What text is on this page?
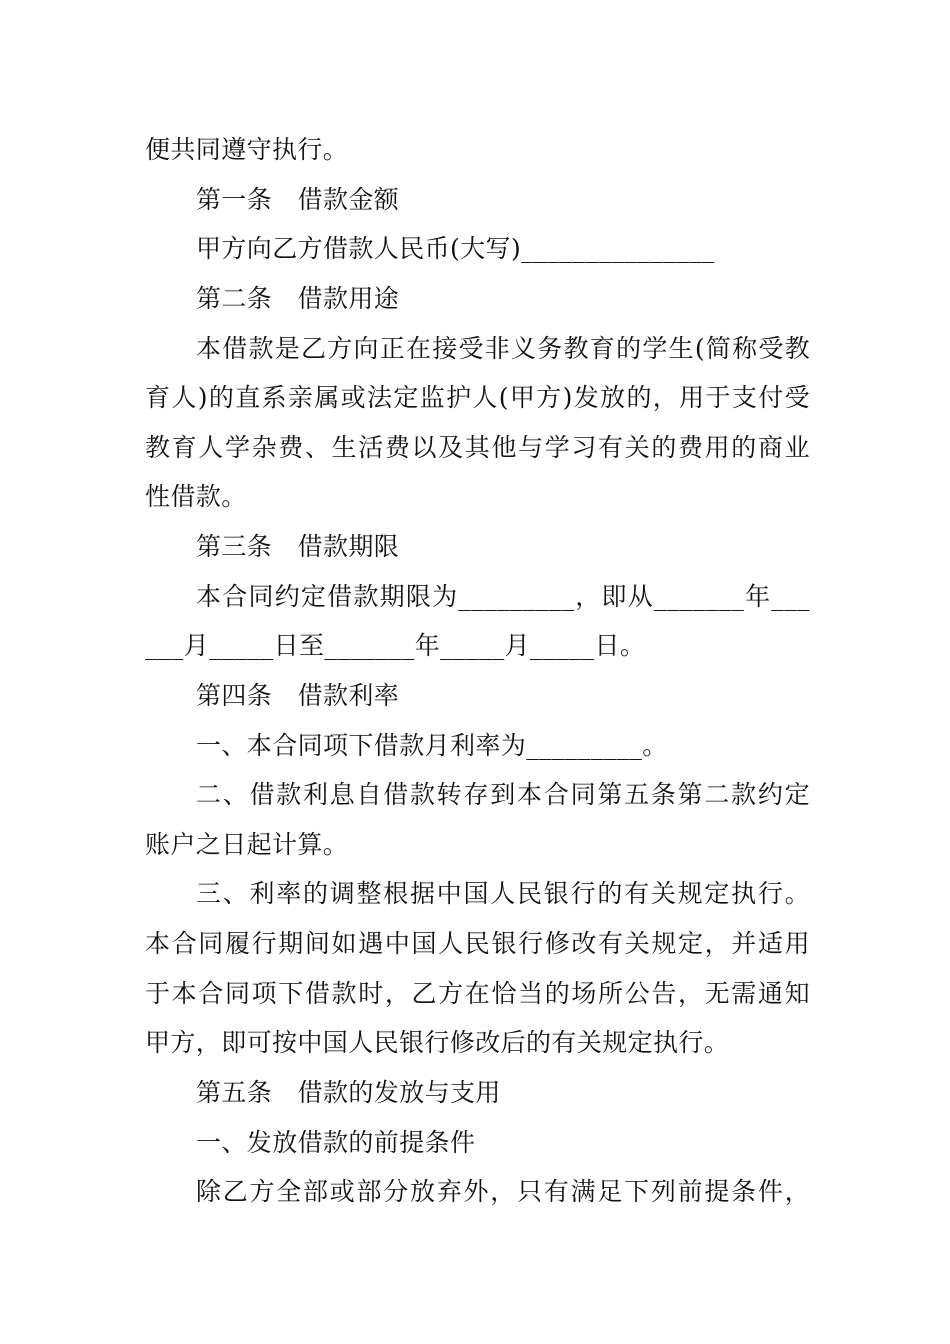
便共同遵守执行。
第一条　借款金额
甲方向乙方借款人民币(大写)_______________
第二条　借款用途
本借款是乙方向正在接受非义务教育的学生(简称受教
育人)的直系亲属或法定监护人(甲方)发放的，用于支付受
教育人学杂费、生活费以及其他与学习有关的费用的商业
性借款。
第三条　借款期限
本合同约定借款期限为_________，即从_______年___
___月_____日至_______年_____月_____日。
第四条　借款利率
一、本合同项下借款月利率为_________。
二、借款利息自借款转存到本合同第五条第二款约定
账户之日起计算。
三、利率的调整根据中国人民银行的有关规定执行。
本合同履行期间如遇中国人民银行修改有关规定，并适用
于本合同项下借款时，乙方在恰当的场所公告，无需通知
甲方，即可按中国人民银行修改后的有关规定执行。
第五条　借款的发放与支用
一、发放借款的前提条件
除乙方全部或部分放弃外，只有满足下列前提条件，
